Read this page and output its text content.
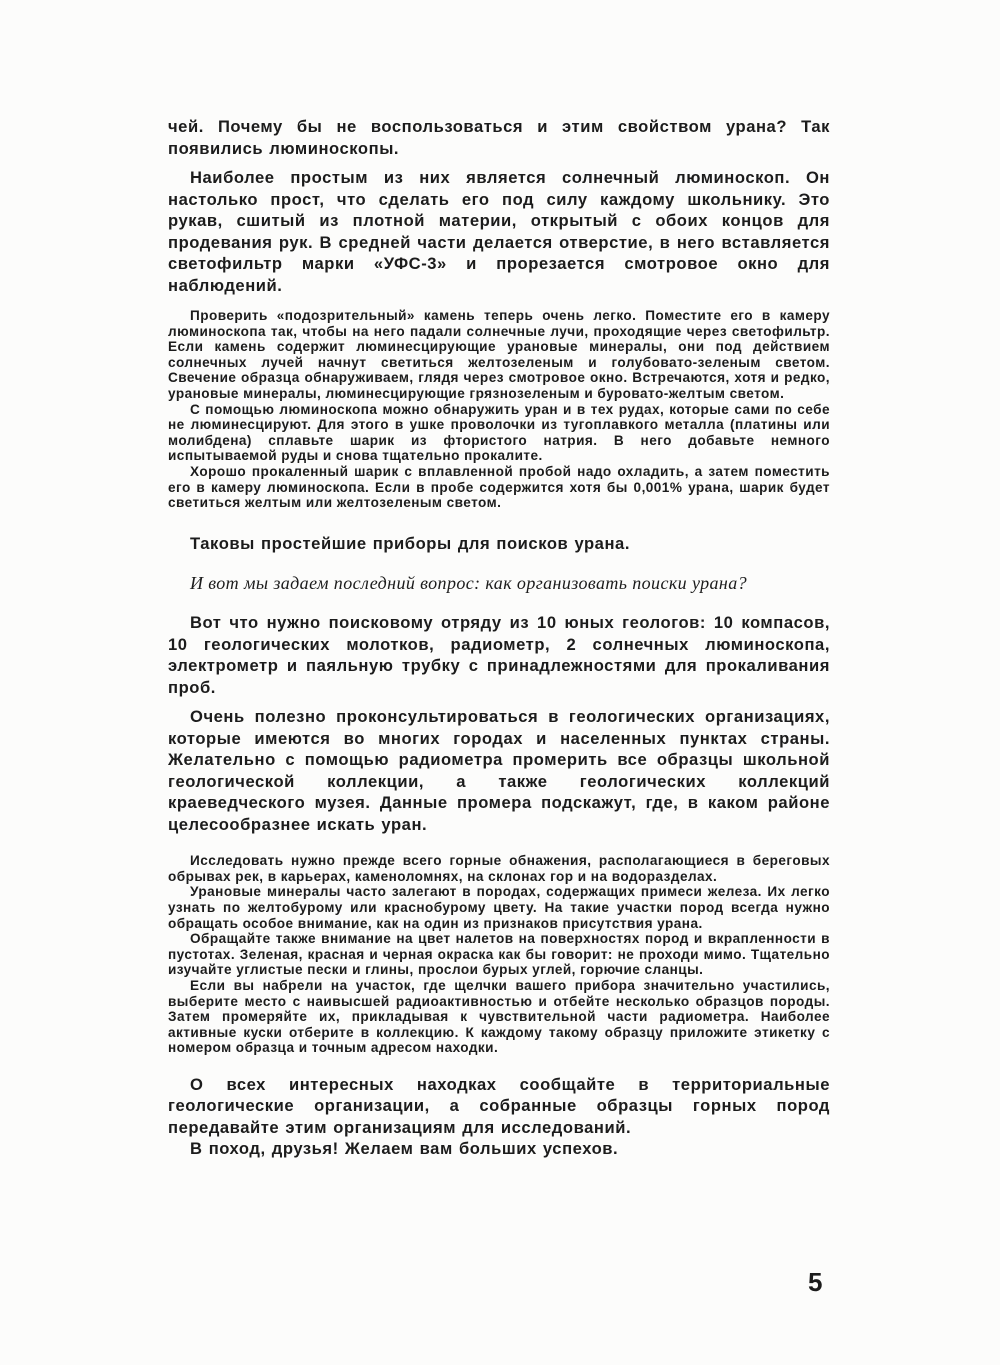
чей. Почему бы не воспользоваться и этим свойством урана? Так появились люминоскопы.

Наиболее простым из них является солнечный люминоскоп. Он настолько прост, что сделать его под силу каждому школьнику. Это рукав, сшитый из плотной материи, открытый с обоих концов для продевания рук. В средней части делается отверстие, в него вставляется светофильтр марки «УФС-3» и прорезается смотровое окно для наблюдений.

Проверить «подозрительный» камень теперь очень легко. Поместите его в камеру люминоскопа так, чтобы на него падали солнечные лучи, проходящие через светофильтр. Если камень содержит люминесцирующие урановые минералы, они под действием солнечных лучей начнут светиться желтозеленым и голубовато-зеленым светом. Свечение образца обнаруживаем, глядя через смотровое окно. Встречаются, хотя и редко, урановые минералы, люминесцирующие грязнозеленым и буровато-желтым светом.

С помощью люминоскопа можно обнаружить уран и в тех рудах, которые сами по себе не люминесцируют. Для этого в ушке проволочки из тугоплавкого металла (платины или молибдена) сплавьте шарик из фтористого натрия. В него добавьте немного испытываемой руды и снова тщательно прокалите.

Хорошо прокаленный шарик с вплавленной пробой надо охладить, а затем поместить его в камеру люминоскопа. Если в пробе содержится хотя бы 0,001% урана, шарик будет светиться желтым или желтозеленым светом.

Таковы простейшие приборы для поисков урана.

И вот мы задаем последний вопрос: как организовать поиски урана?

Вот что нужно поисковому отряду из 10 юных геологов: 10 компасов, 10 геологических молотков, радиометр, 2 солнечных люминоскопа, электрометр и паяльную трубку с принадлежностями для прокаливания проб.

Очень полезно проконсультироваться в геологических организациях, которые имеются во многих городах и населенных пунктах страны. Желательно с помощью радиометра промерить все образцы школьной геологической коллекции, а также геологических коллекций краеведческого музея. Данные промера подскажут, где, в каком районе целесообразнее искать уран.

Исследовать нужно прежде всего горные обнажения, располагающиеся в береговых обрывах рек, в карьерах, каменоломнях, на склонах гор и на водоразделах.

Урановые минералы часто залегают в породах, содержащих примеси железа. Их легко узнать по желтобурому или краснобурому цвету. На такие участки пород всегда нужно обращать особое внимание, как на один из признаков присутствия урана.

Обращайте также внимание на цвет налетов на поверхностях пород и вкрапленности в пустотах. Зеленая, красная и черная окраска как бы говорит: не проходи мимо. Тщательно изучайте углистые пески и глины, прослои бурых углей, горючие сланцы.

Если вы набрели на участок, где щелчки вашего прибора значительно участились, выберите место с наивысшей радиоактивностью и отбейте несколько образцов породы. Затем промеряйте их, прикладывая к чувствительной части радиометра. Наиболее активные куски отберите в коллекцию. К каждому такому образцу приложите этикетку с номером образца и точным адресом находки.

О всех интересных находках сообщайте в территориальные геологические организации, а собранные образцы горных пород передавайте этим организациям для исследований.

В поход, друзья! Желаем вам больших успехов.

5
